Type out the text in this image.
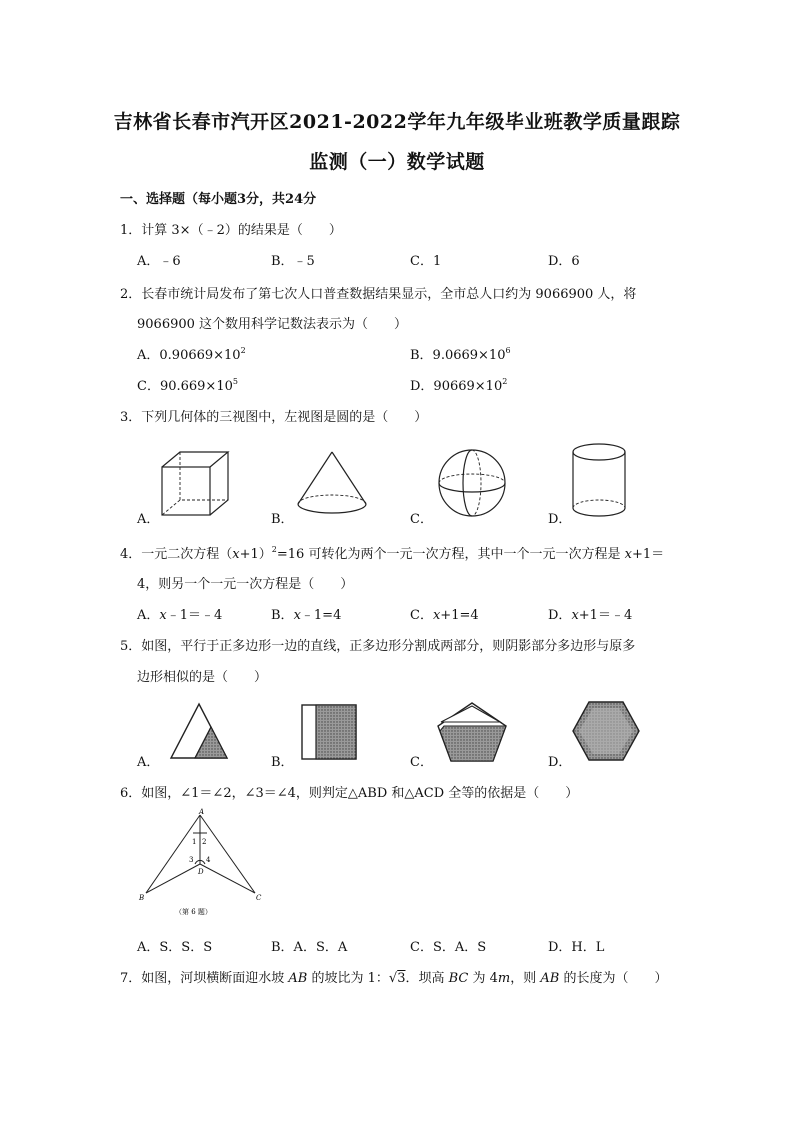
吉林省长春市汽开区2021-2022学年九年级毕业班教学质量跟踪
监测（一）数学试题
一、选择题（每小题3分，共24分
1．计算 3×（﹣2）的结果是（　　）
A．﹣6	B．﹣5	C．1	D．6
2．长春市统计局发布了第七次人口普查数据结果显示，全市总人口约为 9066900 人，将
9066900 这个数用科学记数法表示为（　　）
A．$0.90669\times 10^2$	B．$9.0669\times 10^6$
C．$90.669\times 10^5$	D．$90669\times 10^2$
3．下列几何体的三视图中，左视图是圆的是（　　）
A．	B．	C．	D．
4．一元二次方程$(x+1)^2=16$ 可转化为两个一元一次方程，其中一个一元一次方程是 x+1＝
4，则另一个一元一次方程是（　　）
A．x﹣1＝﹣4	B．x﹣1=4	C．x+1=4	D．x+1＝﹣4
5．如图，平行于正多边形一边的直线，正多边形分割成两部分，则阴影部分多边形与原多
边形相似的是（　　）
A．	B．	C．	D．
6．如图，∠1＝∠2，∠3＝∠4，则判定△ABD 和△ACD 全等的依据是（　　）
A
B	C
D
1 2
3 4
（第 6 题）
A．S．S．S	B．A．S．A	C．S．A．S	D．H．L
7．如图，河坝横断面迎水坡 AB 的坡比为 1：√3．坝高 BC 为 4m，则 AB 的长度为（　　）
